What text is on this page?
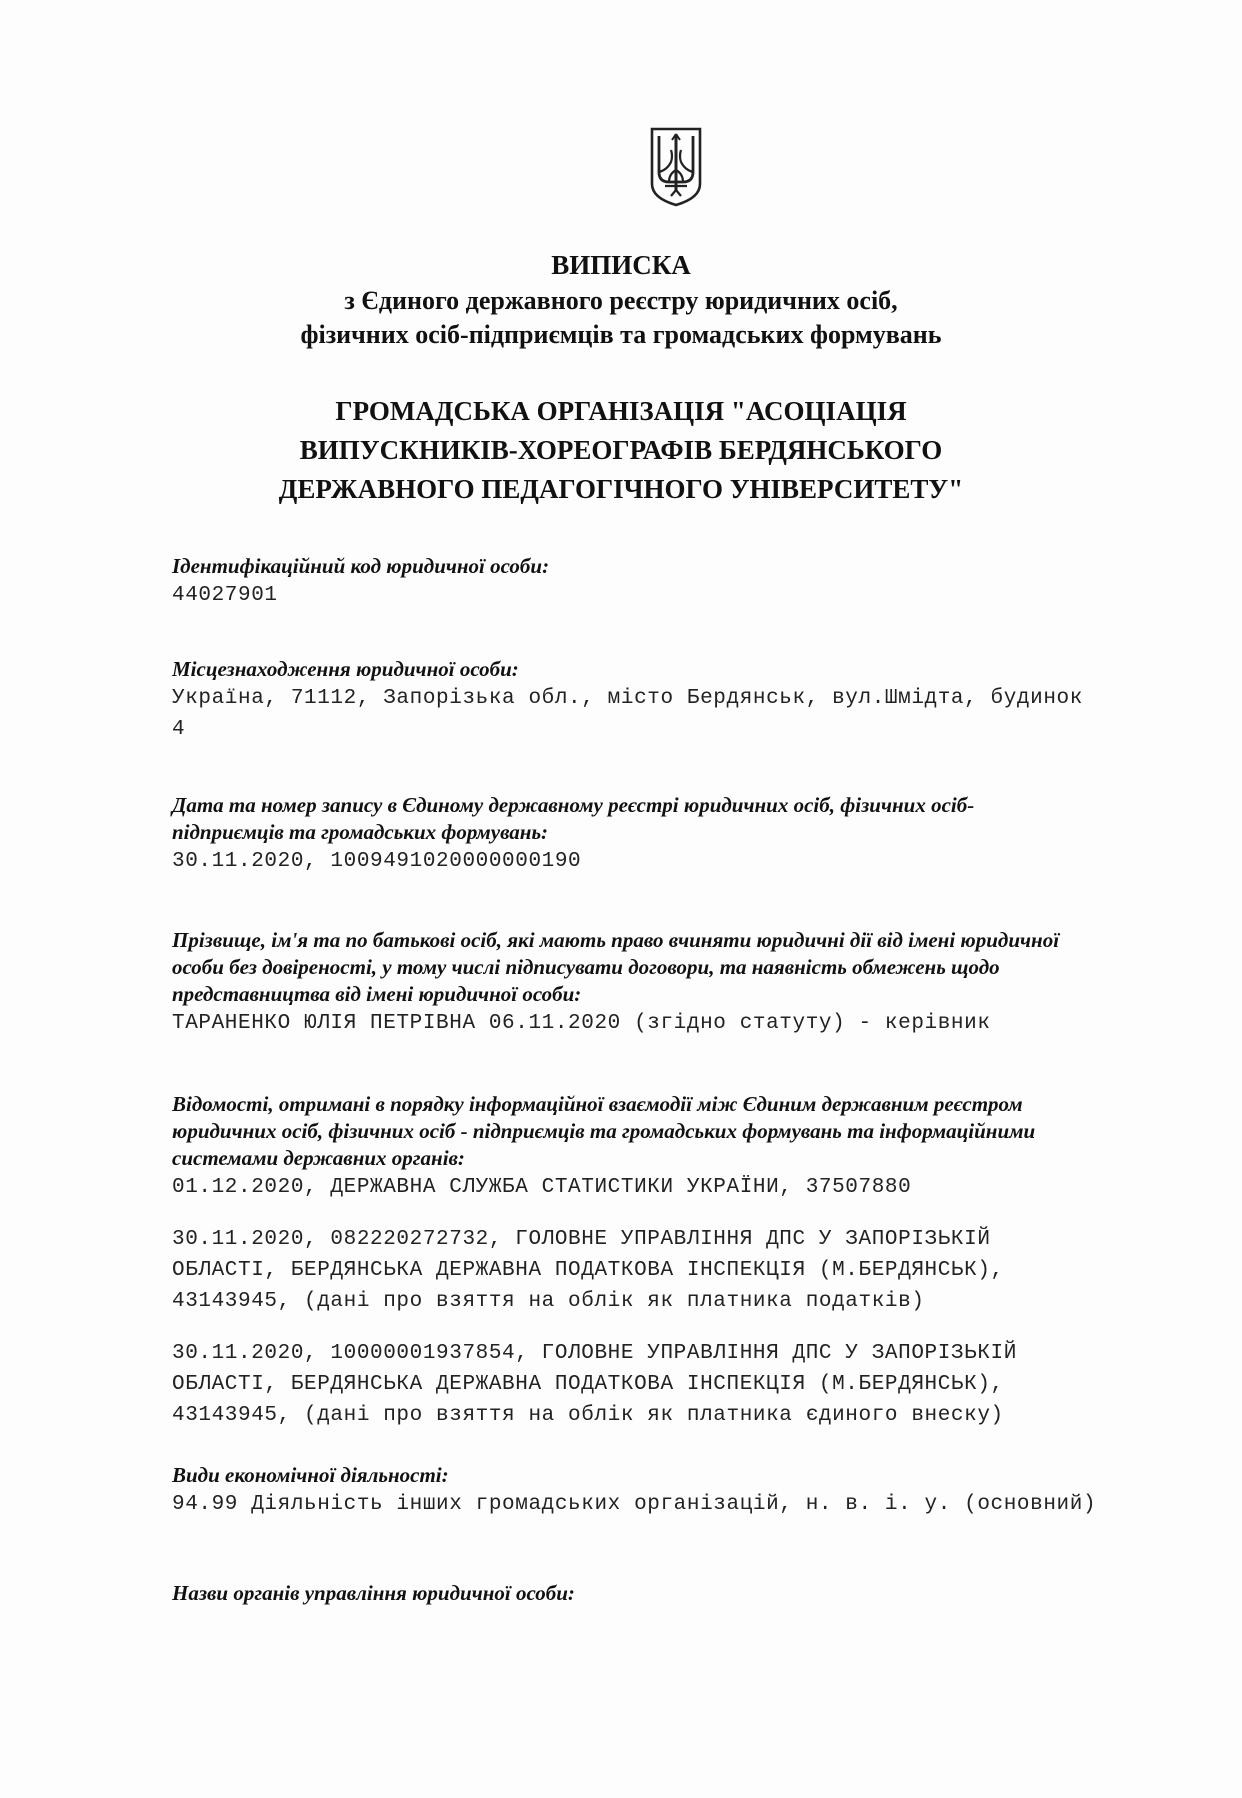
ВИПИСКА
з Єдиного державного реєстру юридичних осіб,
фізичних осіб-підприємців та громадських формувань
ГРОМАДСЬКА ОРГАНІЗАЦІЯ "АСОЦІАЦІЯ
ВИПУСКНИКІВ-ХОРЕОГРАФІВ БЕРДЯНСЬКОГО
ДЕРЖАВНОГО ПЕДАГОГІЧНОГО УНІВЕРСИТЕТУ"
Ідентифікаційний код юридичної особи:
44027901
Місцезнаходження юридичної особи:
Україна, 71112, Запорізька обл., місто Бердянськ, вул.Шмідта, будинок
4
Дата та номер запису в Єдиному державному реєстрі юридичних осіб, фізичних осіб-
підприємців та громадських формувань:
30.11.2020, 1009491020000000190
Прізвище, ім'я та по батькові осіб, які мають право вчиняти юридичні дії від імені юридичної
особи без довіреності, у тому числі підписувати договори, та наявність обмежень щодо
представництва від імені юридичної особи:
ТАРАНЕНКО ЮЛІЯ ПЕТРІВНА 06.11.2020 (згідно статуту) - керівник
Відомості, отримані в порядку інформаційної взаємодії між Єдиним державним реєстром
юридичних осіб, фізичних осіб - підприємців та громадських формувань та інформаційними
системами державних органів:
01.12.2020, ДЕРЖАВНА СЛУЖБА СТАТИСТИКИ УКРАЇНИ, 37507880
30.11.2020, 082220272732, ГОЛОВНЕ УПРАВЛІННЯ ДПС У ЗАПОРІЗЬКІЙ
ОБЛАСТІ, БЕРДЯНСЬКА ДЕРЖАВНА ПОДАТКОВА ІНСПЕКЦІЯ (М.БЕРДЯНСЬК),
43143945, (дані про взяття на облік як платника податків)
30.11.2020, 10000001937854, ГОЛОВНЕ УПРАВЛІННЯ ДПС У ЗАПОРІЗЬКІЙ
ОБЛАСТІ, БЕРДЯНСЬКА ДЕРЖАВНА ПОДАТКОВА ІНСПЕКЦІЯ (М.БЕРДЯНСЬК),
43143945, (дані про взяття на облік як платника єдиного внеску)
Види економічної діяльності:
94.99 Діяльність інших громадських організацій, н. в. і. у. (основний)
Назви органів управління юридичної особи:
